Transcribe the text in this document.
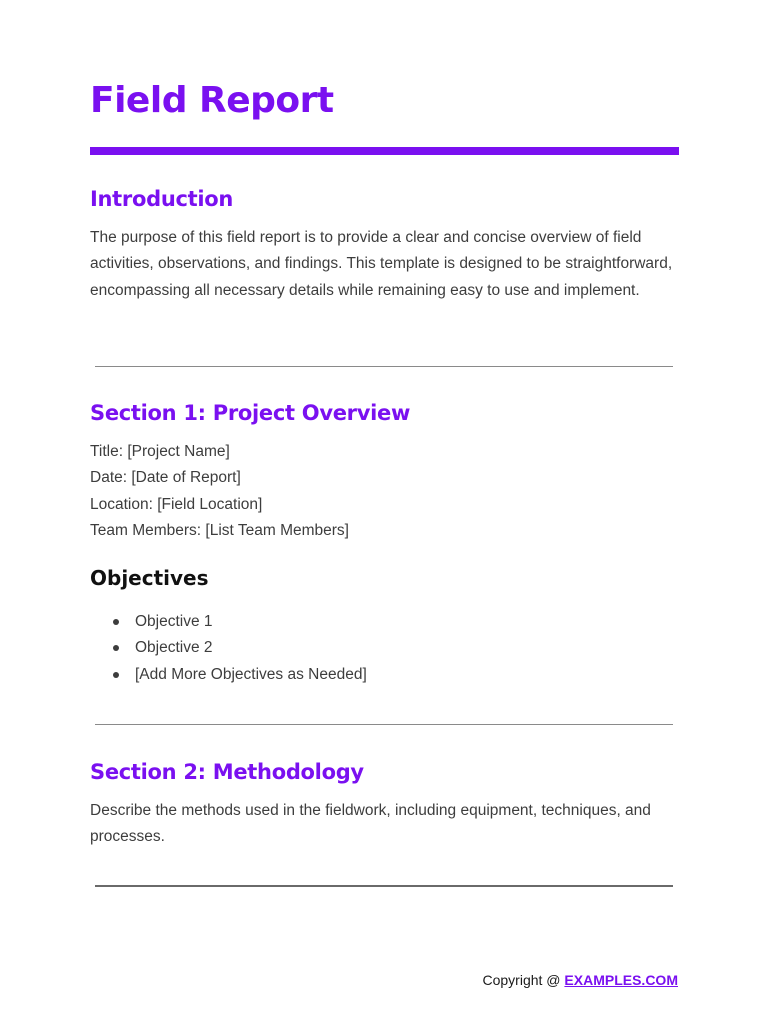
Field Report
Introduction

The purpose of this field report is to provide a clear and concise overview of field activities, observations, and findings. This template is designed to be straightforward, encompassing all necessary details while remaining easy to use and implement.

Section 1: Project Overview
Title: [Project Name]
Date: [Date of Report]
Location: [Field Location]
Team Members: [List Team Members]
Objectives
Objective 1
Objective 2
[Add More Objectives as Needed]
Section 2: Methodology

Describe the methods used in the fieldwork, including equipment, techniques, and processes.

Copyright @ EXAMPLES.COM
